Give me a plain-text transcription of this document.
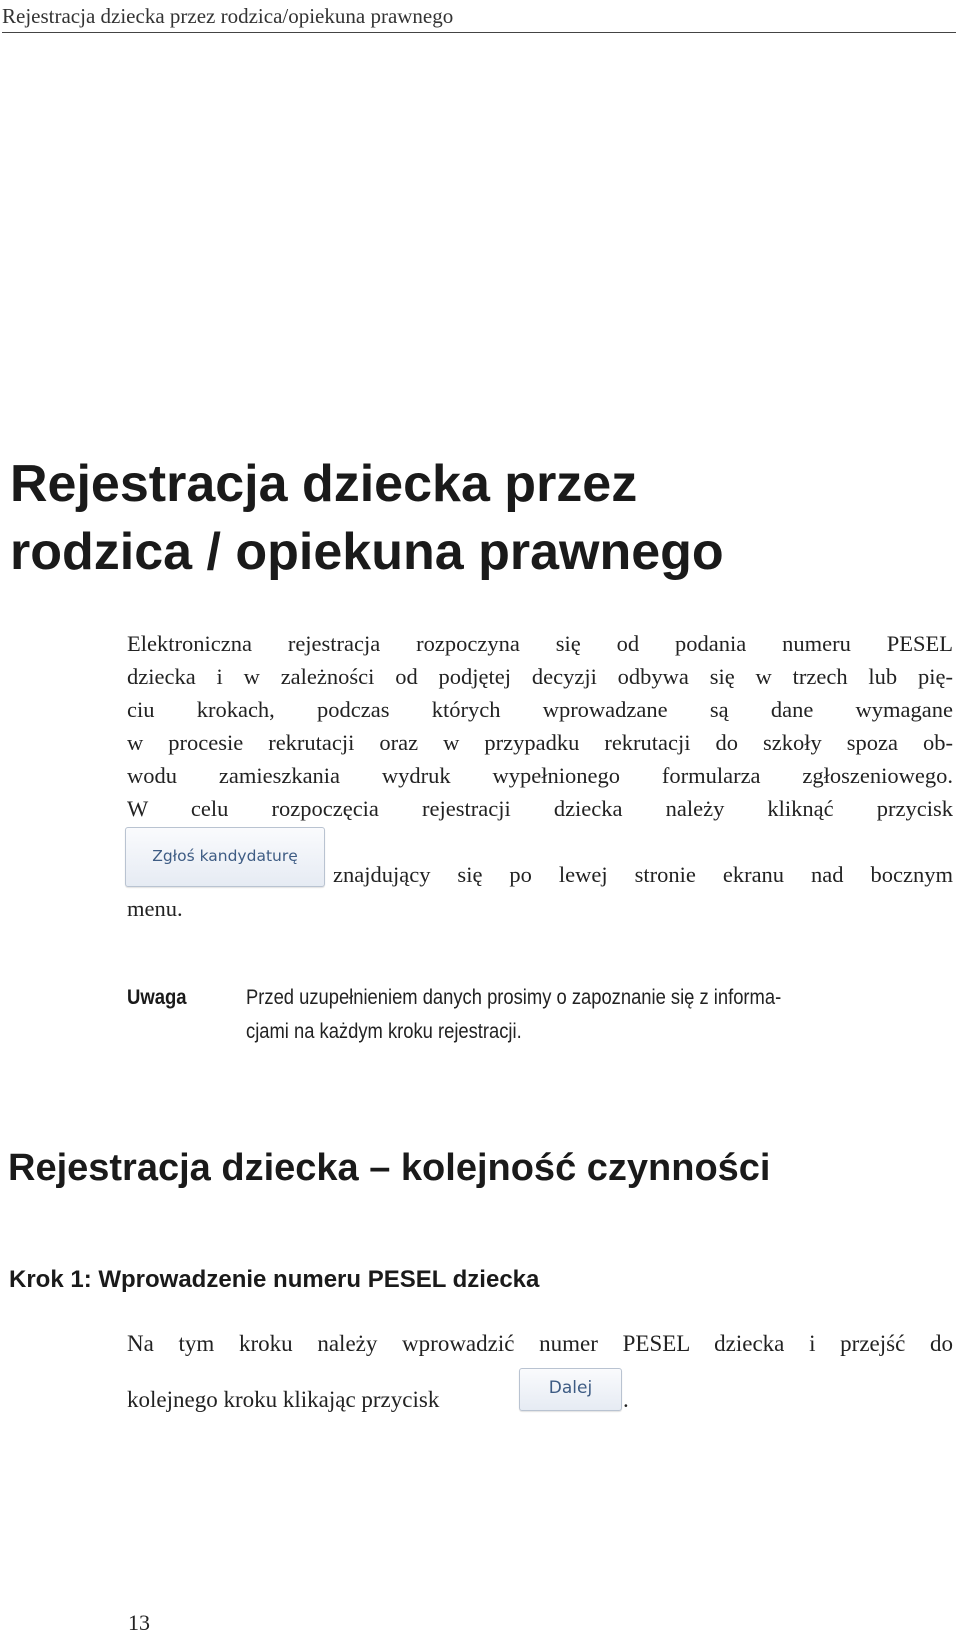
Rejestracja dziecka przez rodzica/opiekuna prawnego
Rejestracja dziecka przez
rodzica / opiekuna prawnego
Elektroniczna rejestracja rozpoczyna się od podania numeru PESEL
dziecka i w zależności od podjętej decyzji odbywa się w trzech lub pię-
ciu krokach, podczas których wprowadzane są dane wymagane
w procesie rekrutacji oraz w przypadku rekrutacji do szkoły spoza ob-
wodu zamieszkania wydruk wypełnionego formularza zgłoszeniowego.
W celu rozpoczęcia rejestracji dziecka należy kliknąć przycisk
Zgłoś kandydaturę
znajdujący się po lewej stronie ekranu nad bocznym
menu.
Uwaga	Przed uzupełnieniem danych prosimy o zapoznanie się z informa-
cjami na każdym kroku rejestracji.
Rejestracja dziecka – kolejność czynności
Krok 1: Wprowadzenie numeru PESEL dziecka
Na tym kroku należy wprowadzić numer PESEL dziecka i przejść do
kolejnego kroku klikając przycisk	Dalej	.
13
